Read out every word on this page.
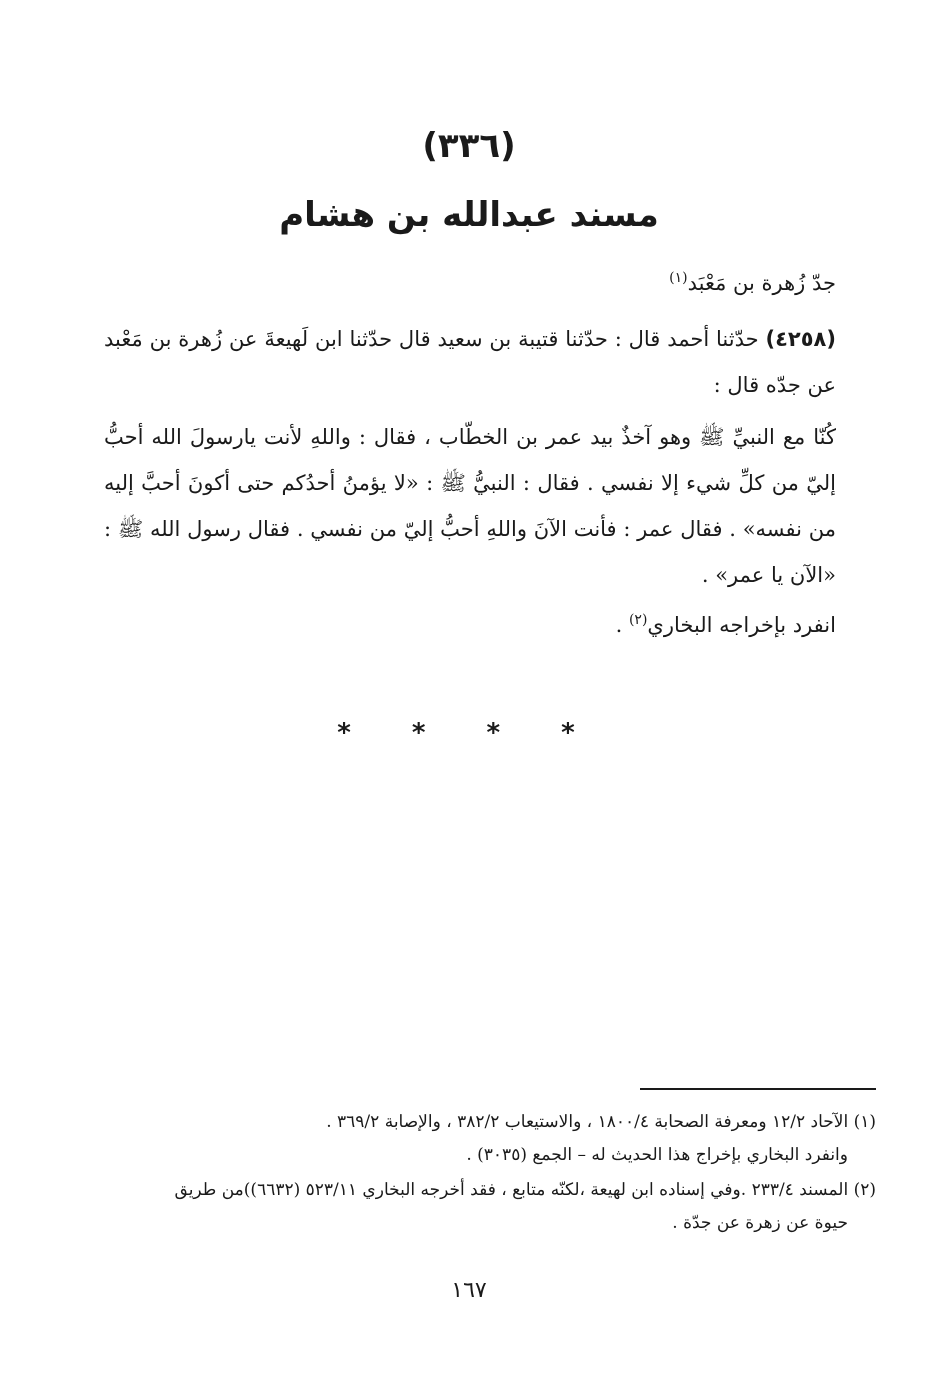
(٣٣٦)
مسند عبدالله بن هشام
جدّ زُهرة بن مَعْبَد$^{(١)}$
(٤٢٥٨) حدّثنا أحمد قال : حدّثنا قتيبة بن سعيد قال حدّثنا ابن لَهيعةَ عن زُهرة بن مَعْبد عن جدّه قال :
كُنّا مع النبيِّ ﷺ وهو آخذٌ بيد عمر بن الخطّاب ، فقال : واللهِ لأنت يارسولَ الله أحبُّ إليّ من كلِّ شيء إلا نفسي . فقال : النبيُّ ﷺ : «لا يؤمنُ أحدُكم حتى أكونَ أحبَّ إليه من نفسه» . فقال عمر : فأنت الآنَ واللهِ أحبُّ إليّ من نفسي . فقال رسول الله ﷺ : «الآن يا عمر» .
انفرد بإخراجه البخاري$^{(٢)}$ .
* * * *
(١) الآحاد ١٢/٢ ومعرفة الصحابة ١٨٠٠/٤ ، والاستيعاب ٣٨٢/٢ ، والإصابة ٣٦٩/٢ .
وانفرد البخاري بإخراج هذا الحديث له – الجمع (٣٠٣٥) .
(٢) المسند ٢٣٣/٤ .وفي إسناده ابن لهيعة ،لكنّه متابع ، فقد أخرجه البخاري ٥٢٣/١١ (٦٦٣٢))من طريق
حيوة عن زهرة عن جدّة .
١٦٧
